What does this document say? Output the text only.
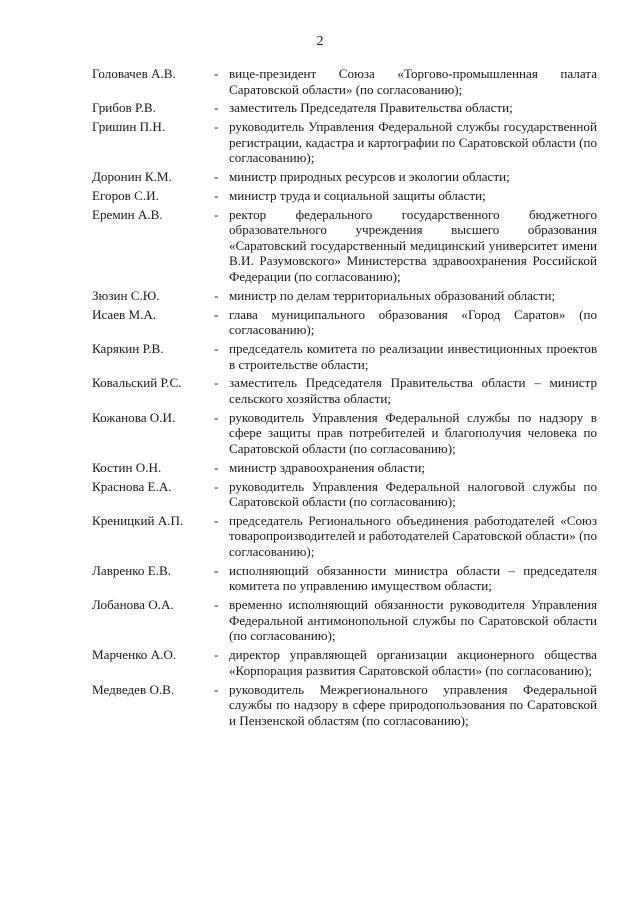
2
Головачев А.В.	- вице-президент Союза «Торгово-промышленная палата Саратовской области» (по согласованию);
Грибов Р.В.	- заместитель Председателя Правительства области;
Гришин П.Н.	- руководитель Управления Федеральной службы государственной регистрации, кадастра и картографии по Саратовской области (по согласованию);
Доронин К.М.	- министр природных ресурсов и экологии области;
Егоров С.И.	- министр труда и социальной защиты области;
Еремин А.В.	- ректор федерального государственного бюджетного образовательного учреждения высшего образования «Саратовский государственный медицинский университет имени В.И. Разумовского» Министерства здравоохранения Российской Федерации (по согласованию);
Зюзин С.Ю.	- министр по делам территориальных образований области;
Исаев М.А.	- глава муниципального образования «Город Саратов» (по согласованию);
Карякин Р.В.	- председатель комитета по реализации инвестиционных проектов в строительстве области;
Ковальский Р.С.	- заместитель Председателя Правительства области – министр сельского хозяйства области;
Кожанова О.И.	- руководитель Управления Федеральной службы по надзору в сфере защиты прав потребителей и благополучия человека по Саратовской области (по согласованию);
Костин О.Н.	- министр здравоохранения области;
Краснова Е.А.	- руководитель Управления Федеральной налоговой службы по Саратовской области (по согласованию);
Креницкий А.П.	- председатель Регионального объединения работодателей «Союз товаропроизводителей и работодателей Саратовской области» (по согласованию);
Лавренко Е.В.	- исполняющий обязанности министра области – председателя комитета по управлению имуществом области;
Лобанова О.А.	- временно исполняющий обязанности руководителя Управления Федеральной антимонопольной службы по Саратовской области (по согласованию);
Марченко А.О.	- директор управляющей организации акционерного общества «Корпорация развития Саратовской области» (по согласованию);
Медведев О.В.	- руководитель Межрегионального управления Федеральной службы по надзору в сфере природопользования по Саратовской и Пензенской областям (по согласованию);
